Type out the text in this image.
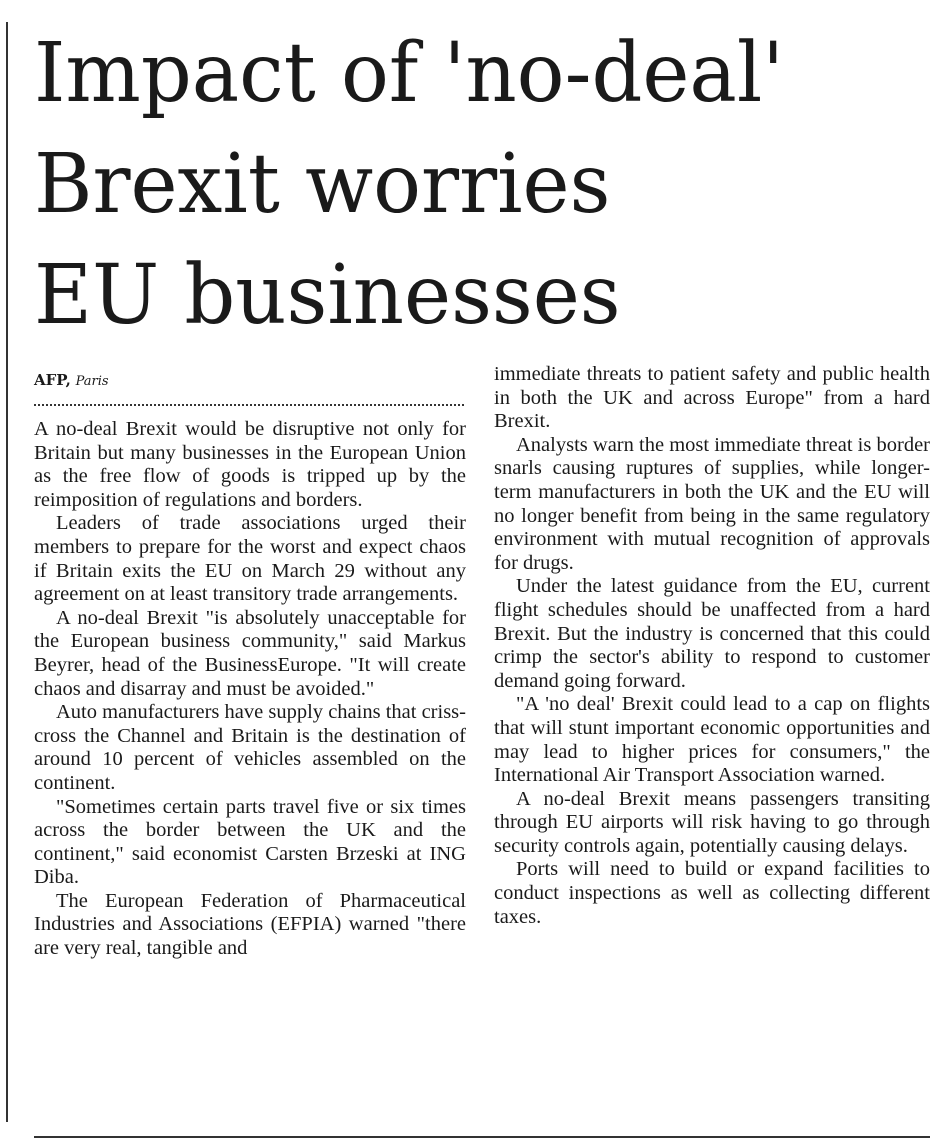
Impact of 'no-deal'
Brexit worries
EU businesses
AFP, Paris

A no-deal Brexit would be disruptive not only for Britain but many businesses in the European Union as the free flow of goods is tripped up by the reimposition of regulations and borders.

Leaders of trade associations urged their members to prepare for the worst and expect chaos if Britain exits the EU on March 29 without any agreement on at least transitory trade arrangements.

A no-deal Brexit "is absolutely unacceptable for the European business community," said Markus Beyrer, head of the BusinessEurope. "It will create chaos and disarray and must be avoided."

Auto manufacturers have supply chains that criss-cross the Channel and Britain is the destination of around 10 percent of vehicles assembled on the continent.

"Sometimes certain parts travel five or six times across the border between the UK and the continent," said economist Carsten Brzeski at ING Diba.

The European Federation of Pharmaceutical Industries and Associations (EFPIA) warned "there are very real, tangible and

immediate threats to patient safety and public health in both the UK and across Europe" from a hard Brexit.

Analysts warn the most immediate threat is border snarls causing ruptures of supplies, while longer-term manufacturers in both the UK and the EU will no longer benefit from being in the same regulatory environment with mutual recognition of approvals for drugs.

Under the latest guidance from the EU, current flight schedules should be unaffected from a hard Brexit. But the industry is concerned that this could crimp the sector's ability to respond to customer demand going forward.

"A 'no deal' Brexit could lead to a cap on flights that will stunt important economic opportunities and may lead to higher prices for consumers," the International Air Transport Association warned.

A no-deal Brexit means passengers transiting through EU airports will risk having to go through security controls again, potentially causing delays.

Ports will need to build or expand facilities to conduct inspections as well as collecting different taxes.
